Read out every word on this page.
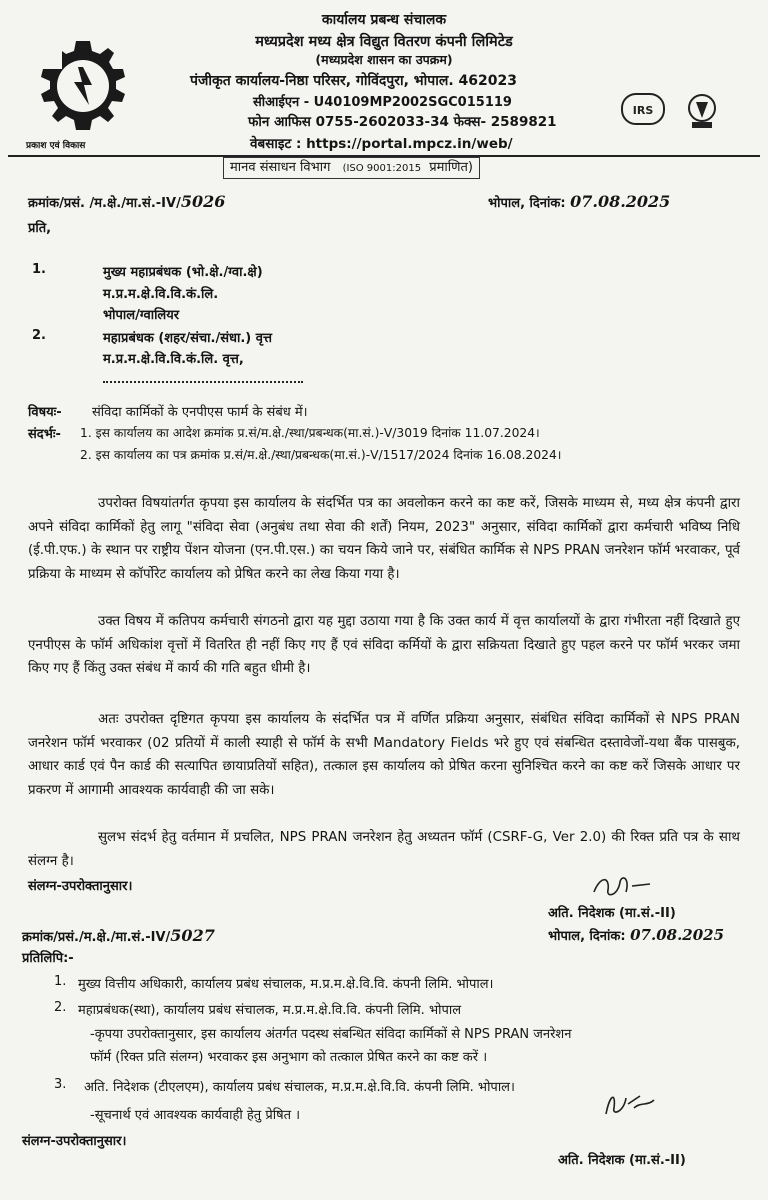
प्रकाश एवं विकास
कार्यालय प्रबन्ध संचालक
मध्यप्रदेश मध्य क्षेत्र विद्युत वितरण कंपनी लिमिटेड
(मध्यप्रदेश शासन का उपक्रम)
पंजीकृत कार्यालय-निष्ठा परिसर, गोविंदपुरा, भोपाल. 462023
सीआईएन - U40109MP2002SGC015119
फोन आफिस 0755-2602033-34 फेक्स- 2589821
वेबसाइट : https://portal.mpcz.in/web/
IRS
मानव संसाधन विभाग (ISO 9001:2015 प्रमाणित)
क्रमांक/प्रसं. /म.क्षे./मा.सं.-IV/5026	भोपाल, दिनांक: 07.08.2025
प्रति,
1.	मुख्य महाप्रबंधक (भो.क्षे./ग्वा.क्षे)
म.प्र.म.क्षे.वि.वि.कं.लि.
भोपाल/ग्वालियर
2.	महाप्रबंधक (शहर/संचा./संधा.) वृत्त
म.प्र.म.क्षे.वि.वि.कं.लि. वृत्त,
विषयः- संविदा कार्मिकों के एनपीएस फार्म के संबंध में।
संदर्भः- 1. इस कार्यालय का आदेश क्रमांक प्र.सं/म.क्षे./स्था/प्रबन्धक(मा.सं.)-V/3019 दिनांक 11.07.2024।
2. इस कार्यालय का पत्र क्रमांक प्र.सं/म.क्षे./स्था/प्रबन्धक(मा.सं.)-V/1517/2024 दिनांक 16.08.2024।
उपरोक्त विषयांतर्गत कृपया इस कार्यालय के संदर्भित पत्र का अवलोकन करने का कष्ट करें, जिसके माध्यम से, मध्य क्षेत्र कंपनी द्वारा अपने संविदा कार्मिकों हेतु लागू "संविदा सेवा (अनुबंध तथा सेवा की शर्तें) नियम, 2023" अनुसार, संविदा कार्मिकों द्वारा कर्मचारी भविष्य निधि (ई.पी.एफ.) के स्थान पर राष्ट्रीय पेंशन योजना (एन.पी.एस.) का चयन किये जाने पर, संबंधित कार्मिक से NPS PRAN जनरेशन फॉर्म भरवाकर, पूर्व प्रक्रिया के माध्यम से कॉर्पोरेट कार्यालय को प्रेषित करने का लेख किया गया है।
उक्त विषय में कतिपय कर्मचारी संगठनो द्वारा यह मुद्दा उठाया गया है कि उक्त कार्य में वृत्त कार्यालयों के द्वारा गंभीरता नहीं दिखाते हुए एनपीएस के फॉर्म अधिकांश वृत्तों में वितरित ही नहीं किए गए हैं एवं संविदा कर्मियों के द्वारा सक्रियता दिखाते हुए पहल करने पर फॉर्म भरकर जमा किए गए हैं किंतु उक्त संबंध में कार्य की गति बहुत धीमी है।
अतः उपरोक्त दृष्टिगत कृपया इस कार्यालय के संदर्भित पत्र में वर्णित प्रक्रिया अनुसार, संबंधित संविदा कार्मिकों से NPS PRAN जनरेशन फॉर्म भरवाकर (02 प्रतियों में काली स्याही से फॉर्म के सभी Mandatory Fields भरे हुए एवं संबन्धित दस्तावेजों-यथा बैंक पासबुक, आधार कार्ड एवं पैन कार्ड की सत्यापित छायाप्रतियों सहित), तत्काल इस कार्यालय को प्रेषित करना सुनिश्चित करने का कष्ट करें जिसके आधार पर प्रकरण में आगामी आवश्यक कार्यवाही की जा सके।
सुलभ संदर्भ हेतु वर्तमान में प्रचलित, NPS PRAN जनरेशन हेतु अध्यतन फॉर्म (CSRF-G, Ver 2.0) की रिक्त प्रति पत्र के साथ संलग्न है।
संलग्न-उपरोक्तानुसार।
अति. निदेशक (मा.सं.-II)
क्रमांक/प्रसं./म.क्षे./मा.सं.-IV/5027	भोपाल, दिनांक: 07.08.2025
प्रतिलिपि:-
1. मुख्य वित्तीय अधिकारी, कार्यालय प्रबंध संचालक, म.प्र.म.क्षे.वि.वि. कंपनी लिमि. भोपाल।
2. महाप्रबंधक(स्था), कार्यालय प्रबंध संचालक, म.प्र.म.क्षे.वि.वि. कंपनी लिमि. भोपाल
-कृपया उपरोक्तानुसार, इस कार्यालय अंतर्गत पदस्थ संबन्धित संविदा कार्मिकों से NPS PRAN जनरेशन
फॉर्म (रिक्त प्रति संलग्न) भरवाकर इस अनुभाग को तत्काल प्रेषित करने का कष्ट करें ।
3. अति. निदेशक (टीएलएम), कार्यालय प्रबंध संचालक, म.प्र.म.क्षे.वि.वि. कंपनी लिमि. भोपाल।
-सूचनार्थ एवं आवश्यक कार्यवाही हेतु प्रेषित ।
संलग्न-उपरोक्तानुसार।
अति. निदेशक (मा.सं.-II)
